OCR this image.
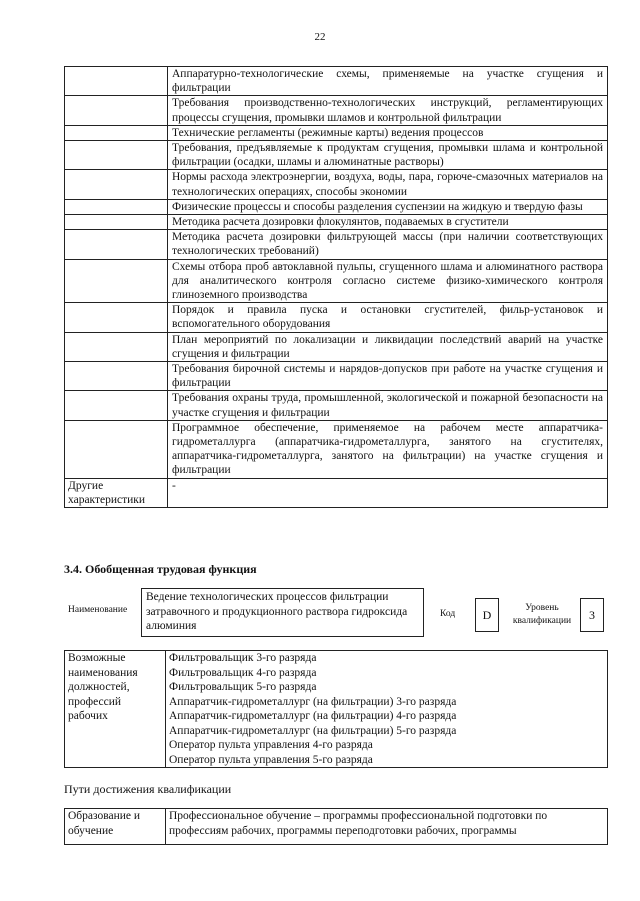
22
	Аппаратурно-технологические схемы, применяемые на участке сгущения и фильтрации
	Требования производственно-технологических инструкций, регламентирующих процессы сгущения, промывки шламов и контрольной фильтрации
	Технические регламенты (режимные карты) ведения процессов
	Требования, предъявляемые к продуктам сгущения, промывки шлама и контрольной фильтрации (осадки, шламы и алюминатные растворы)
	Нормы расхода электроэнергии, воздуха, воды, пара, горюче-смазочных материалов на технологических операциях, способы экономии
	Физические процессы и способы разделения суспензии на жидкую и твердую фазы
	Методика расчета дозировки флокулянтов, подаваемых в сгустители
	Методика расчета дозировки фильтрующей массы (при наличии соответствующих технологических требований)
	Схемы отбора проб автоклавной пульпы, сгущенного шлама и алюминатного раствора для аналитического контроля согласно системе физико-химического контроля глиноземного производства
	Порядок и правила пуска и остановки сгустителей, фильр-установок и вспомогательного оборудования
	План мероприятий по локализации и ликвидации последствий аварий на участке сгущения и фильтрации
	Требования бирочной системы и нарядов-допусков при работе на участке сгущения и фильтрации
	Требования охраны труда, промышленной, экологической и пожарной безопасности на участке сгущения и фильтрации
	Программное обеспечение, применяемое на рабочем месте аппаратчика-гидрометаллурга (аппаратчика-гидрометаллурга, занятого на сгустителях, аппаратчика-гидрометаллурга, занятого на фильтрации) на участке сгущения и фильтрации
Другие характеристики	-
3.4. Обобщенная трудовая функция
Наименование
Ведение технологических процессов фильтрации затравочного и продукционного раствора гидроксида алюминия
Код	D	Уровень квалификации	3
Возможные наименования должностей, профессий рабочих	
Фильтровальщик 3-го разряда
Фильтровальщик 4-го разряда
Фильтровальщик 5-го разряда
Аппаратчик-гидрометаллург (на фильтрации) 3-го разряда
Аппаратчик-гидрометаллург (на фильтрации) 4-го разряда
Аппаратчик-гидрометаллург (на фильтрации) 5-го разряда
Оператор пульта управления 4-го разряда
Оператор пульта управления 5-го разряда
Пути достижения квалификации
Образование и обучение	Профессиональное обучение – программы профессиональной подготовки по профессиям рабочих, программы переподготовки рабочих, программы
